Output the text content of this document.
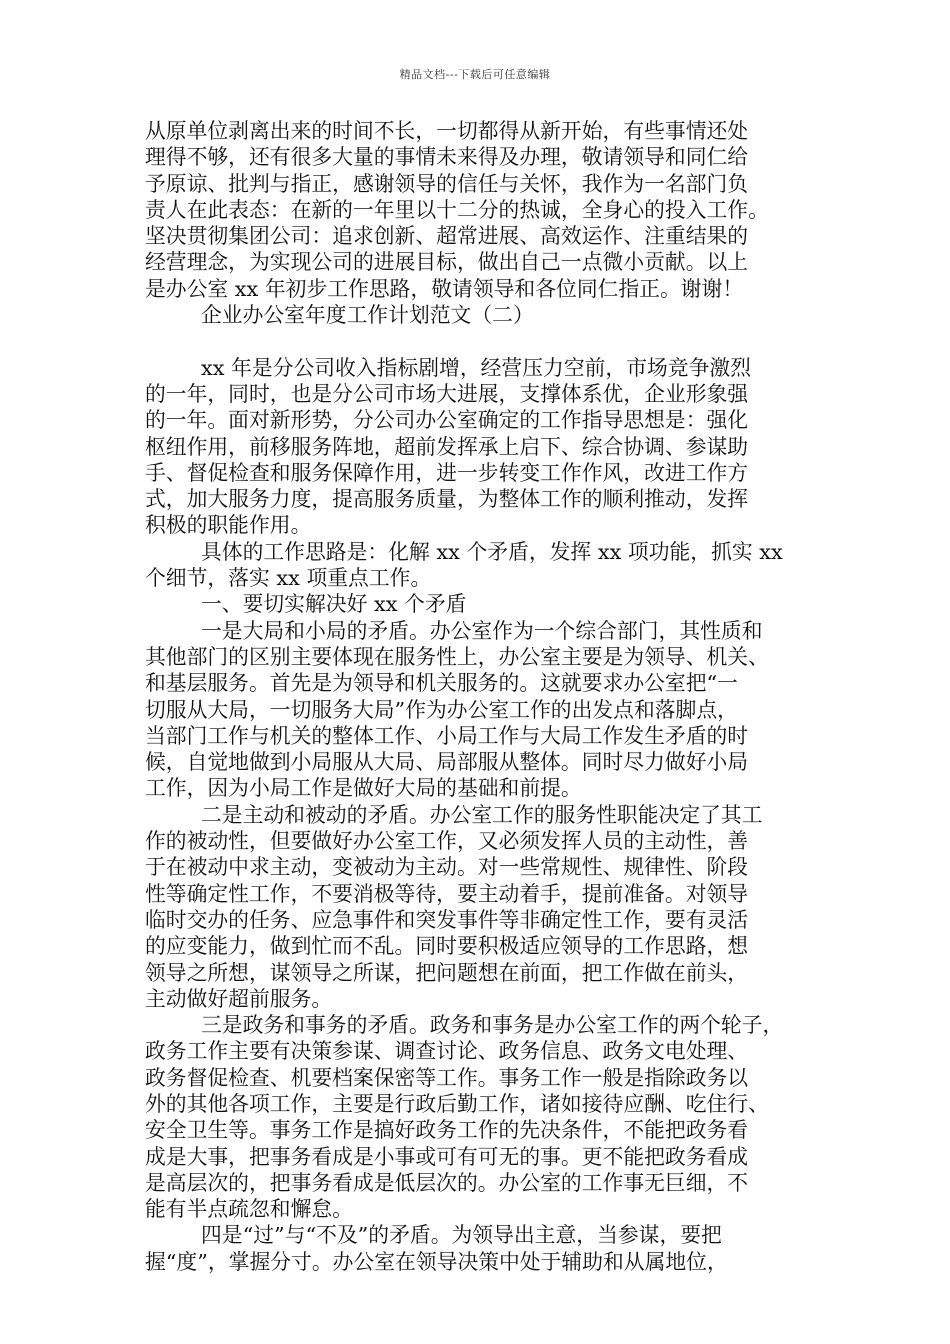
精品文档---下载后可任意编辑
从原单位剥离出来的时间不长，一切都得从新开始，有些事情还处
理得不够，还有很多大量的事情未来得及办理，敬请领导和同仁给
予原谅、批判与指正，感谢领导的信任与关怀，我作为一名部门负
责人在此表态：在新的一年里以十二分的热诚，全身心的投入工作。
坚决贯彻集团公司：追求创新、超常进展、高效运作、注重结果的
经营理念，为实现公司的进展目标，做出自己一点微小贡献。以上
是办公室 xx 年初步工作思路，敬请领导和各位同仁指正。谢谢！
企业办公室年度工作计划范文（二）
xx 年是分公司收入指标剧增，经营压力空前，市场竞争激烈
的一年，同时，也是分公司市场大进展，支撑体系优，企业形象强
的一年。面对新形势，分公司办公室确定的工作指导思想是：强化
枢纽作用，前移服务阵地，超前发挥承上启下、综合协调、参谋助
手、督促检查和服务保障作用，进一步转变工作作风，改进工作方
式，加大服务力度，提高服务质量，为整体工作的顺利推动，发挥
积极的职能作用。
具体的工作思路是：化解 xx 个矛盾，发挥 xx 项功能，抓实 xx
个细节，落实 xx 项重点工作。
一、要切实解决好 xx 个矛盾
一是大局和小局的矛盾。办公室作为一个综合部门，其性质和
其他部门的区别主要体现在服务性上，办公室主要是为领导、机关、
和基层服务。首先是为领导和机关服务的。这就要求办公室把“一
切服从大局，一切服务大局”作为办公室工作的出发点和落脚点，
当部门工作与机关的整体工作、小局工作与大局工作发生矛盾的时
候，自觉地做到小局服从大局、局部服从整体。同时尽力做好小局
工作，因为小局工作是做好大局的基础和前提。
二是主动和被动的矛盾。办公室工作的服务性职能决定了其工
作的被动性，但要做好办公室工作，又必须发挥人员的主动性，善
于在被动中求主动，变被动为主动。对一些常规性、规律性、阶段
性等确定性工作，不要消极等待，要主动着手，提前准备。对领导
临时交办的任务、应急事件和突发事件等非确定性工作，要有灵活
的应变能力，做到忙而不乱。同时要积极适应领导的工作思路，想
领导之所想，谋领导之所谋，把问题想在前面，把工作做在前头，
主动做好超前服务。
三是政务和事务的矛盾。政务和事务是办公室工作的两个轮子，
政务工作主要有决策参谋、调查讨论、政务信息、政务文电处理、
政务督促检查、机要档案保密等工作。事务工作一般是指除政务以
外的其他各项工作，主要是行政后勤工作，诸如接待应酬、吃住行、
安全卫生等。事务工作是搞好政务工作的先决条件，不能把政务看
成是大事，把事务看成是小事或可有可无的事。更不能把政务看成
是高层次的，把事务看成是低层次的。办公室的工作事无巨细，不
能有半点疏忽和懈怠。
四是“过”与“不及”的矛盾。为领导出主意，当参谋，要把
握“度”，掌握分寸。办公室在领导决策中处于辅助和从属地位，
